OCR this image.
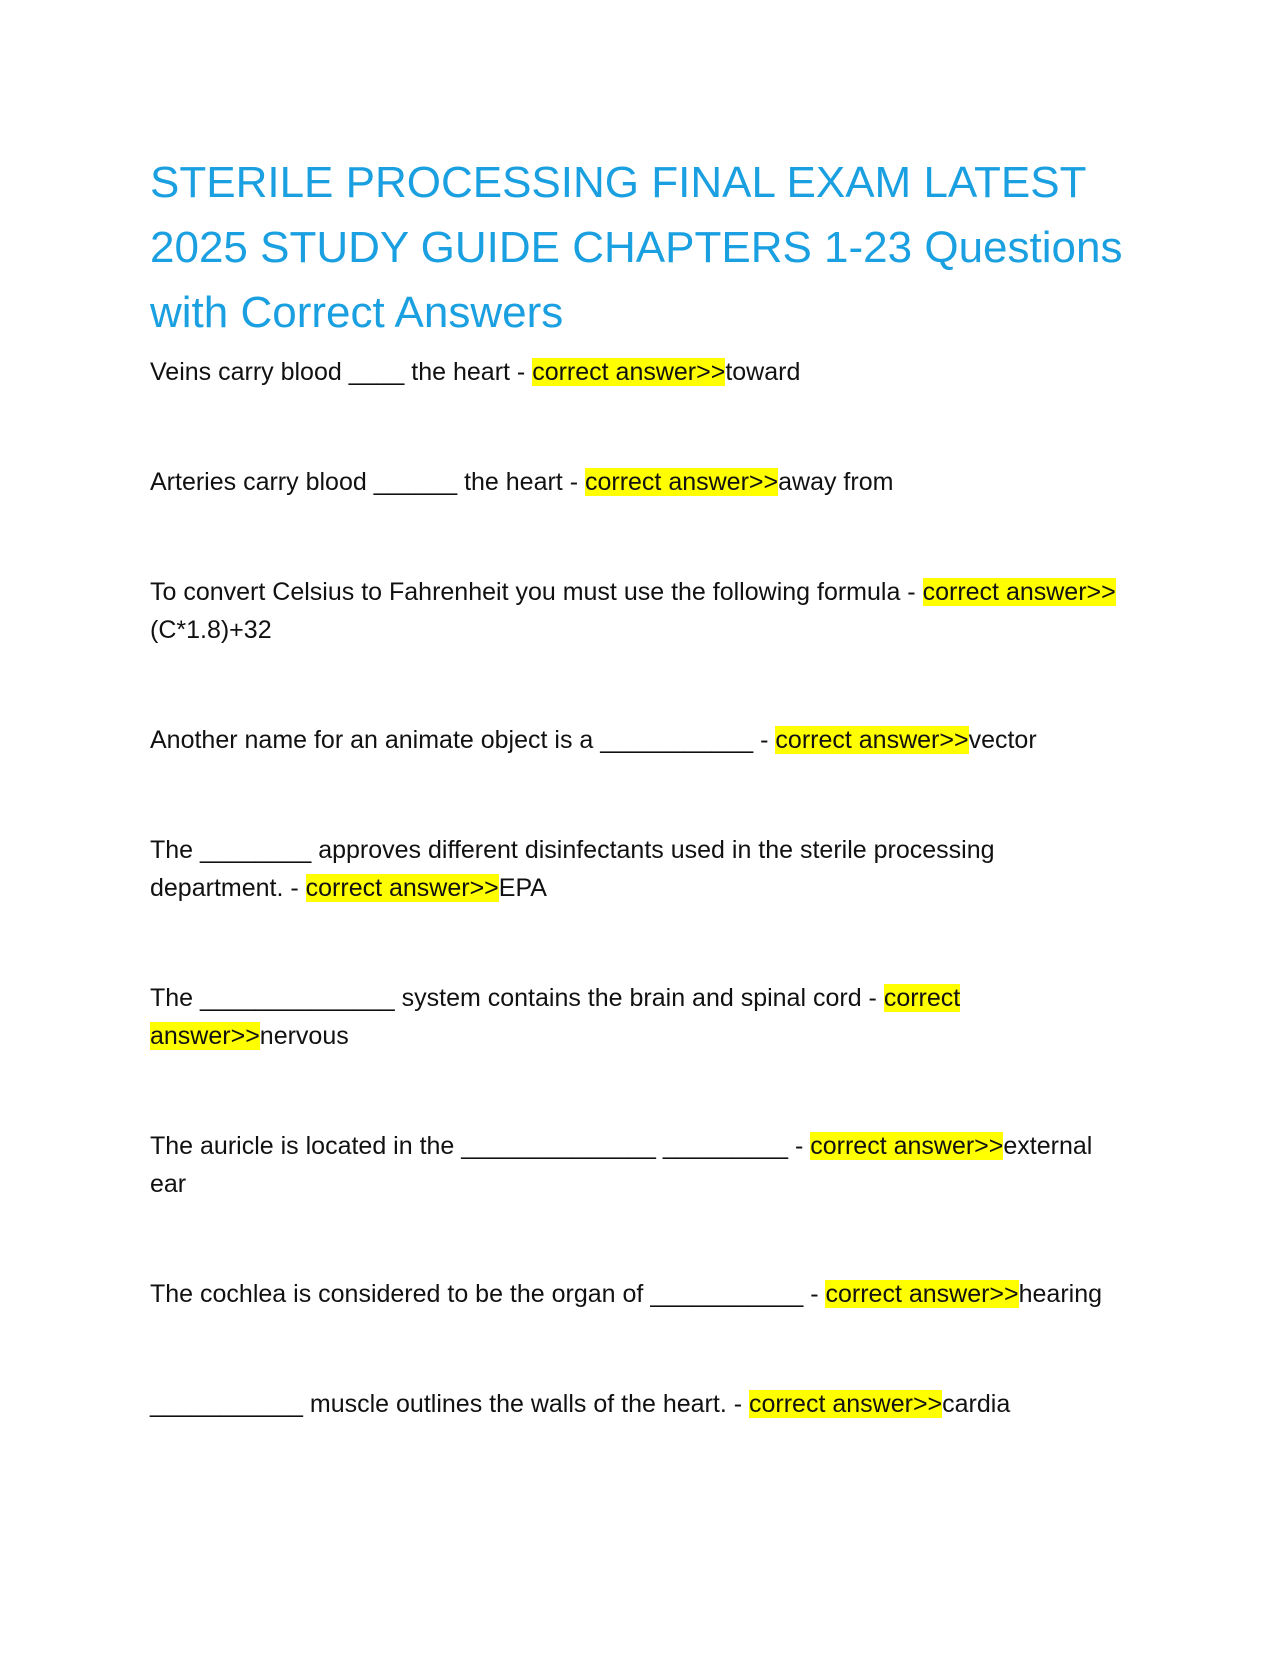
STERILE PROCESSING FINAL EXAM LATEST 2025 STUDY GUIDE CHAPTERS 1-23 Questions with Correct Answers

Veins carry blood ____ the heart - correct answer>>toward

Arteries carry blood ______ the heart - correct answer>>away from

To convert Celsius to Fahrenheit you must use the following formula - correct answer>>(C*1.8)+32

Another name for an animate object is a ___________ - correct answer>>vector

The ________ approves different disinfectants used in the sterile processing department. - correct answer>>EPA

The ______________ system contains the brain and spinal cord - correct answer>>nervous

The auricle is located in the ______________ _________ - correct answer>>external ear

The cochlea is considered to be the organ of ___________ - correct answer>>hearing

___________ muscle outlines the walls of the heart. - correct answer>>cardia
